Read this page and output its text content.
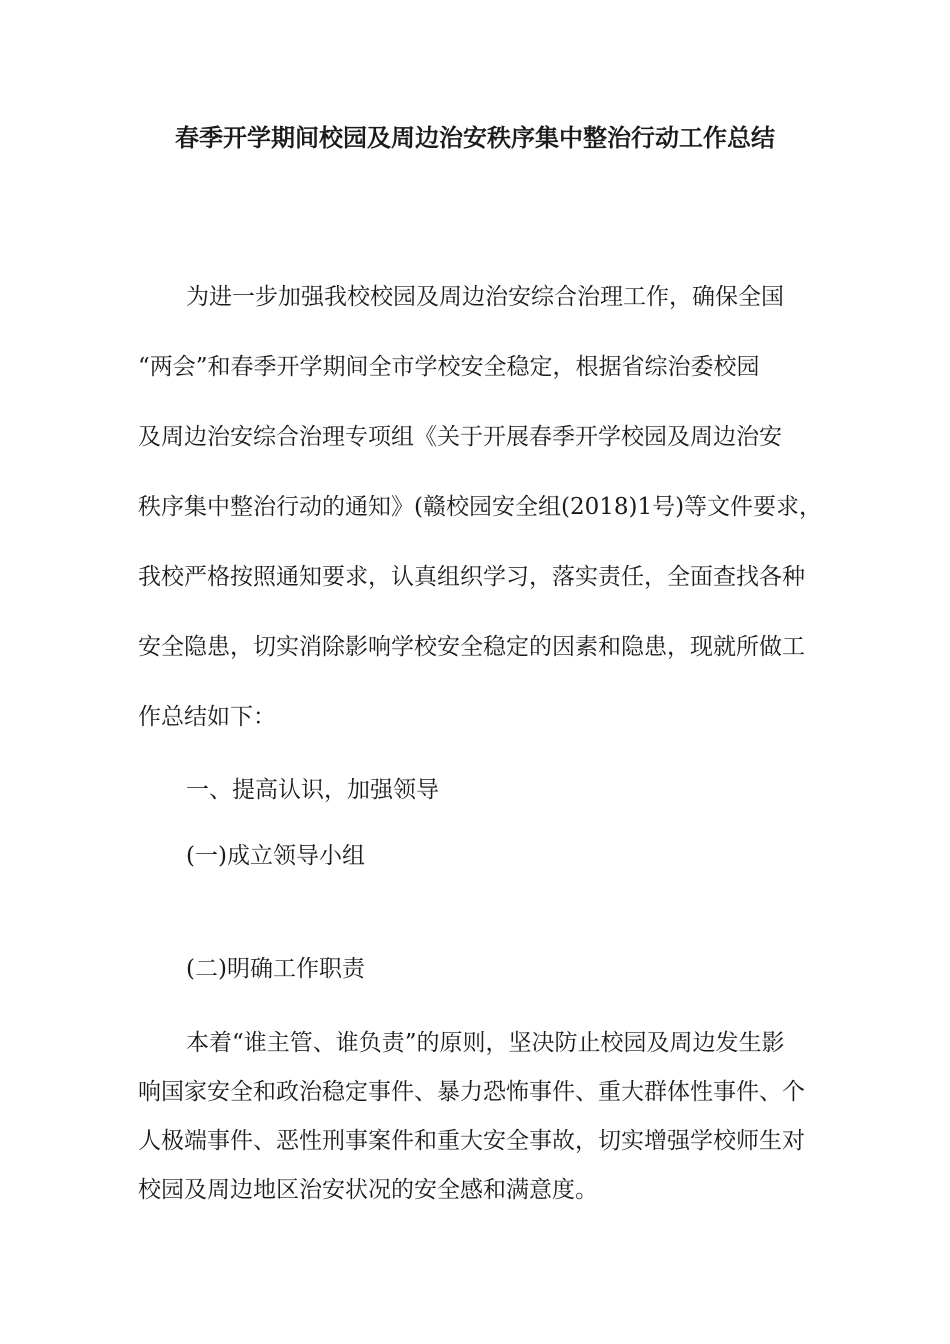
春季开学期间校园及周边治安秩序集中整治行动工作总结
为进一步加强我校校园及周边治安综合治理工作，确保全国
“两会”和春季开学期间全市学校安全稳定，根据省综治委校园
及周边治安综合治理专项组《关于开展春季开学校园及周边治安
秩序集中整治行动的通知》(赣校园安全组(2018)1号)等文件要求，
我校严格按照通知要求，认真组织学习，落实责任，全面查找各种
安全隐患，切实消除影响学校安全稳定的因素和隐患，现就所做工
作总结如下：
一、提高认识，加强领导
(一)成立领导小组
(二)明确工作职责
本着“谁主管、谁负责”的原则，坚决防止校园及周边发生影
响国家安全和政治稳定事件、暴力恐怖事件、重大群体性事件、个
人极端事件、恶性刑事案件和重大安全事故，切实增强学校师生对
校园及周边地区治安状况的安全感和满意度。
